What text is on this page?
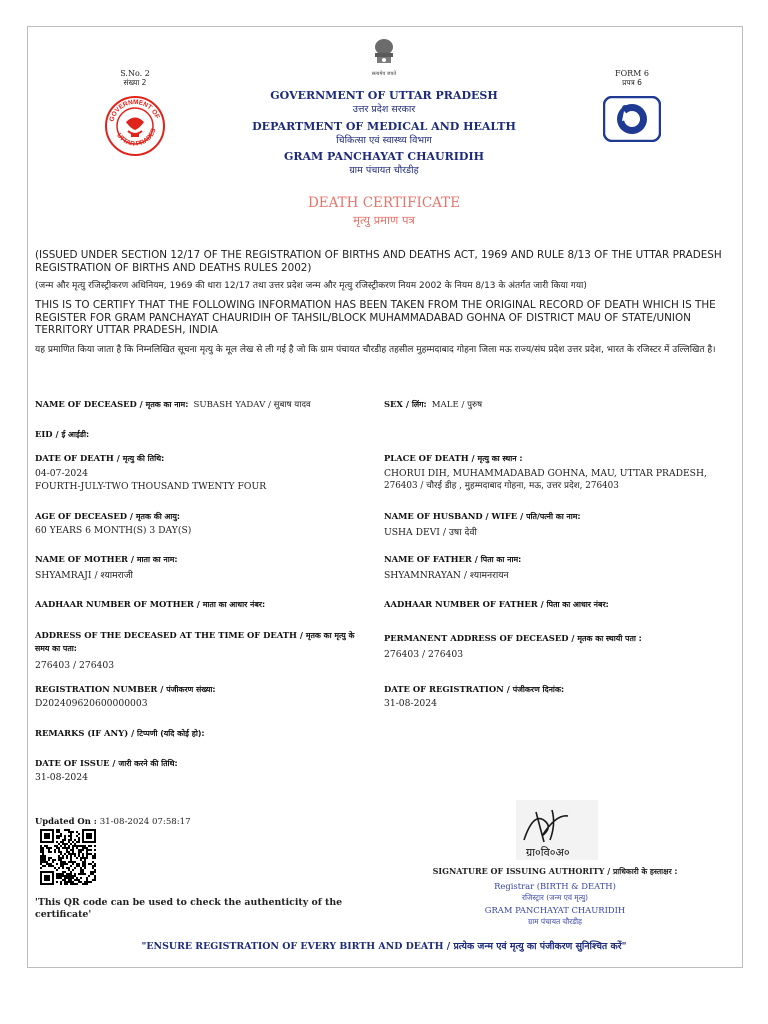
S.No. 2
संख्या 2
GOVERNMENT OF
UTTAR PRADES
सत्यमेव जयते
GOVERNMENT OF UTTAR PRADESH
उत्तर प्रदेश सरकार
DEPARTMENT OF MEDICAL AND HEALTH
चिकित्सा एवं स्वास्थ्य विभाग
GRAM PANCHAYAT CHAURIDIH
ग्राम पंचायत चौरडीह
FORM 6
प्रपत्र 6
DEATH CERTIFICATE
मृत्यु प्रमाण पत्र
(ISSUED UNDER SECTION 12/17 OF THE REGISTRATION OF BIRTHS AND DEATHS ACT, 1969 AND RULE 8/13 OF THE UTTAR PRADESH REGISTRATION OF BIRTHS AND DEATHS RULES 2002)
(जन्म और मृत्यु रजिस्ट्रीकरण अधिनियम, 1969 की धारा 12/17 तथा उत्तर प्रदेश जन्म और मृत्यु रजिस्ट्रीकरण नियम 2002 के नियम 8/13 के अंतर्गत जारी किया गया)
THIS IS TO CERTIFY THAT THE FOLLOWING INFORMATION HAS BEEN TAKEN FROM THE ORIGINAL RECORD OF DEATH WHICH IS THE REGISTER FOR GRAM PANCHAYAT CHAURIDIH OF TAHSIL/BLOCK MUHAMMADABAD GOHNA OF DISTRICT MAU OF STATE/UNION TERRITORY UTTAR PRADESH, INDIA
यह प्रमाणित किया जाता है कि निम्नलिखित सूचना मृत्यु के मूल लेख से ली गई है जो कि ग्राम पंचायत चौरडीह तहसील मुहम्मदाबाद गोहना जिला मऊ राज्य/संघ प्रदेश उत्तर प्रदेश, भारत के रजिस्टर में उल्लिखित है।
NAME OF DECEASED / मृतक का नाम: SUBASH YADAV / सुबाष यादव
EID / ई आईडी:
DATE OF DEATH / मृत्यु की तिथि:
04-07-2024
FOURTH-JULY-TWO THOUSAND TWENTY FOUR
AGE OF DECEASED / मृतक की आयु:
60 YEARS 6 MONTH(S) 3 DAY(S)
NAME OF MOTHER / माता का नाम:
SHYAMRAJI / श्यामराजी
AADHAAR NUMBER OF MOTHER / माता का आधार नंबर:
ADDRESS OF THE DECEASED AT THE TIME OF DEATH / मृतक का मृत्यु के समय का पता:
276403 / 276403
REGISTRATION NUMBER / पंजीकरण संख्या:
D202409620600000003
REMARKS (IF ANY) / टिप्पणी (यदि कोई हो):
DATE OF ISSUE / जारी करने की तिथि:
31-08-2024
SEX / लिंग: MALE / पुरुष
PLACE OF DEATH / मृत्यु का स्थान :
CHORUI DIH, MUHAMMADABAD GOHNA, MAU, UTTAR PRADESH,
276403 / चौरई डीह , मुहम्मदाबाद गोहना, मऊ, उत्तर प्रदेश, 276403
NAME OF HUSBAND / WIFE / पति/पत्नी का नाम:
USHA DEVI / उषा देवी
NAME OF FATHER / पिता का नाम:
SHYAMNRAYAN / श्यामनरायन
AADHAAR NUMBER OF FATHER / पिता का आधार नंबर:
PERMANENT ADDRESS OF DECEASED / मृतक का स्थायी पता :
276403 / 276403
DATE OF REGISTRATION / पंजीकरण दिनांक:
31-08-2024
Updated On : 31-08-2024 07:58:17
'This QR code can be used to check the authenticity of the certificate'
ग्रा०वि०अ०
SIGNATURE OF ISSUING AUTHORITY / प्राधिकारी के हस्ताक्षर :
Registrar (BIRTH & DEATH)
रजिस्ट्रार (जन्म एवं मृत्यु)
GRAM PANCHAYAT CHAURIDIH
ग्राम पंचायत चौरडीह
"ENSURE REGISTRATION OF EVERY BIRTH AND DEATH / प्रत्येक जन्म एवं मृत्यु का पंजीकरण सुनिश्चित करें"
